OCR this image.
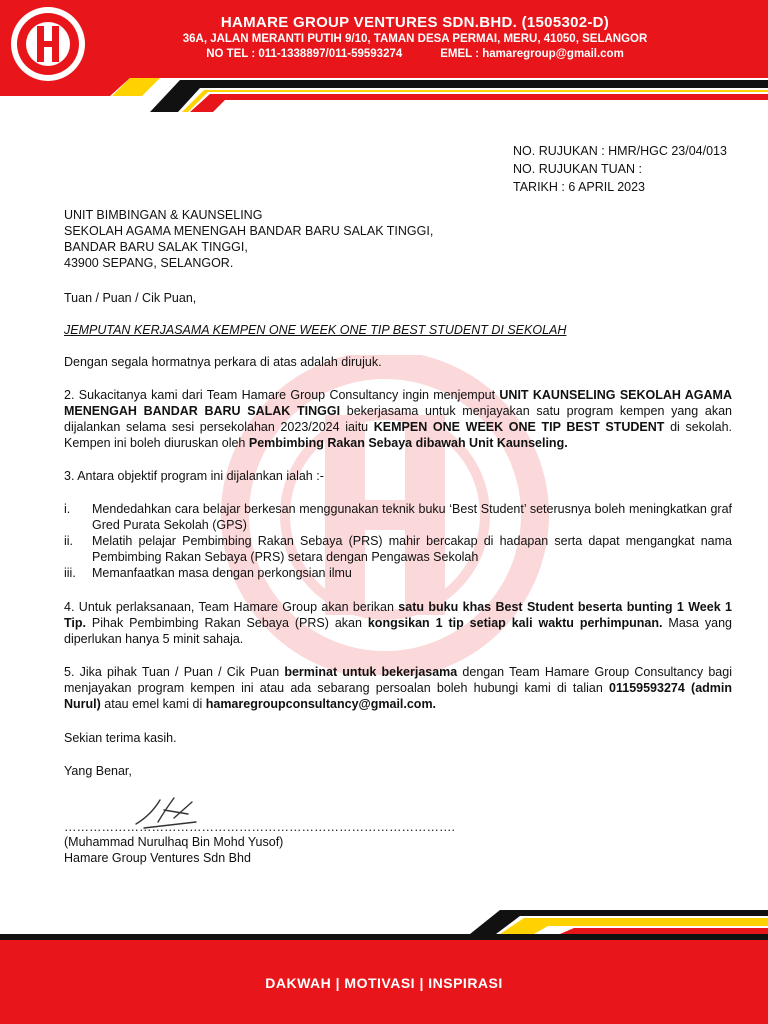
HAMARE GROUP VENTURES SDN.BHD. (1505302-D)
36A, JALAN MERANTI PUTIH 9/10, TAMAN DESA PERMAI, MERU, 41050, SELANGOR
NO TEL : 011-1338897/011-59593274	EMEL : hamaregroup@gmail.com
NO. RUJUKAN : HMR/HGC 23/04/013
NO. RUJUKAN TUAN :
TARIKH : 6 APRIL 2023
UNIT BIMBINGAN & KAUNSELING
SEKOLAH AGAMA MENENGAH BANDAR BARU SALAK TINGGI,
BANDAR BARU SALAK TINGGI,
43900 SEPANG, SELANGOR.
Tuan / Puan / Cik Puan,
JEMPUTAN KERJASAMA KEMPEN ONE WEEK ONE TIP BEST STUDENT DI SEKOLAH
Dengan segala hormatnya perkara di atas adalah dirujuk.
2. Sukacitanya kami dari Team Hamare Group Consultancy ingin menjemput UNIT KAUNSELING SEKOLAH AGAMA MENENGAH BANDAR BARU SALAK TINGGI bekerjasama untuk menjayakan satu program kempen yang akan dijalankan selama sesi persekolahan 2023/2024 iaitu KEMPEN ONE WEEK ONE TIP BEST STUDENT di sekolah. Kempen ini boleh diuruskan oleh Pembimbing Rakan Sebaya dibawah Unit Kaunseling.
3. Antara objektif program ini dijalankan ialah :-
i.	Mendedahkan cara belajar berkesan menggunakan teknik buku ‘Best Student’ seterusnya boleh meningkatkan graf Gred Purata Sekolah (GPS)
ii.	Melatih pelajar Pembimbing Rakan Sebaya (PRS) mahir bercakap di hadapan serta dapat mengangkat nama Pembimbing Rakan Sebaya (PRS) setara dengan Pengawas Sekolah
iii.	Memanfaatkan masa dengan perkongsian ilmu
4. Untuk perlaksanaan, Team Hamare Group akan berikan satu buku khas Best Student beserta bunting 1 Week 1 Tip. Pihak Pembimbing Rakan Sebaya (PRS) akan kongsikan 1 tip setiap kali waktu perhimpunan. Masa yang diperlukan hanya 5 minit sahaja.
5. Jika pihak Tuan / Puan / Cik Puan berminat untuk bekerjasama dengan Team Hamare Group Consultancy bagi menjayakan program kempen ini atau ada sebarang persoalan boleh hubungi kami di talian 01159593274 (admin Nurul) atau emel kami di hamaregroupconsultancy@gmail.com.
Sekian terima kasih.
Yang Benar,
………………………………………………………………………………….
(Muhammad Nurulhaq Bin Mohd Yusof)
Hamare Group Ventures Sdn Bhd
DAKWAH | MOTIVASI | INSPIRASI
